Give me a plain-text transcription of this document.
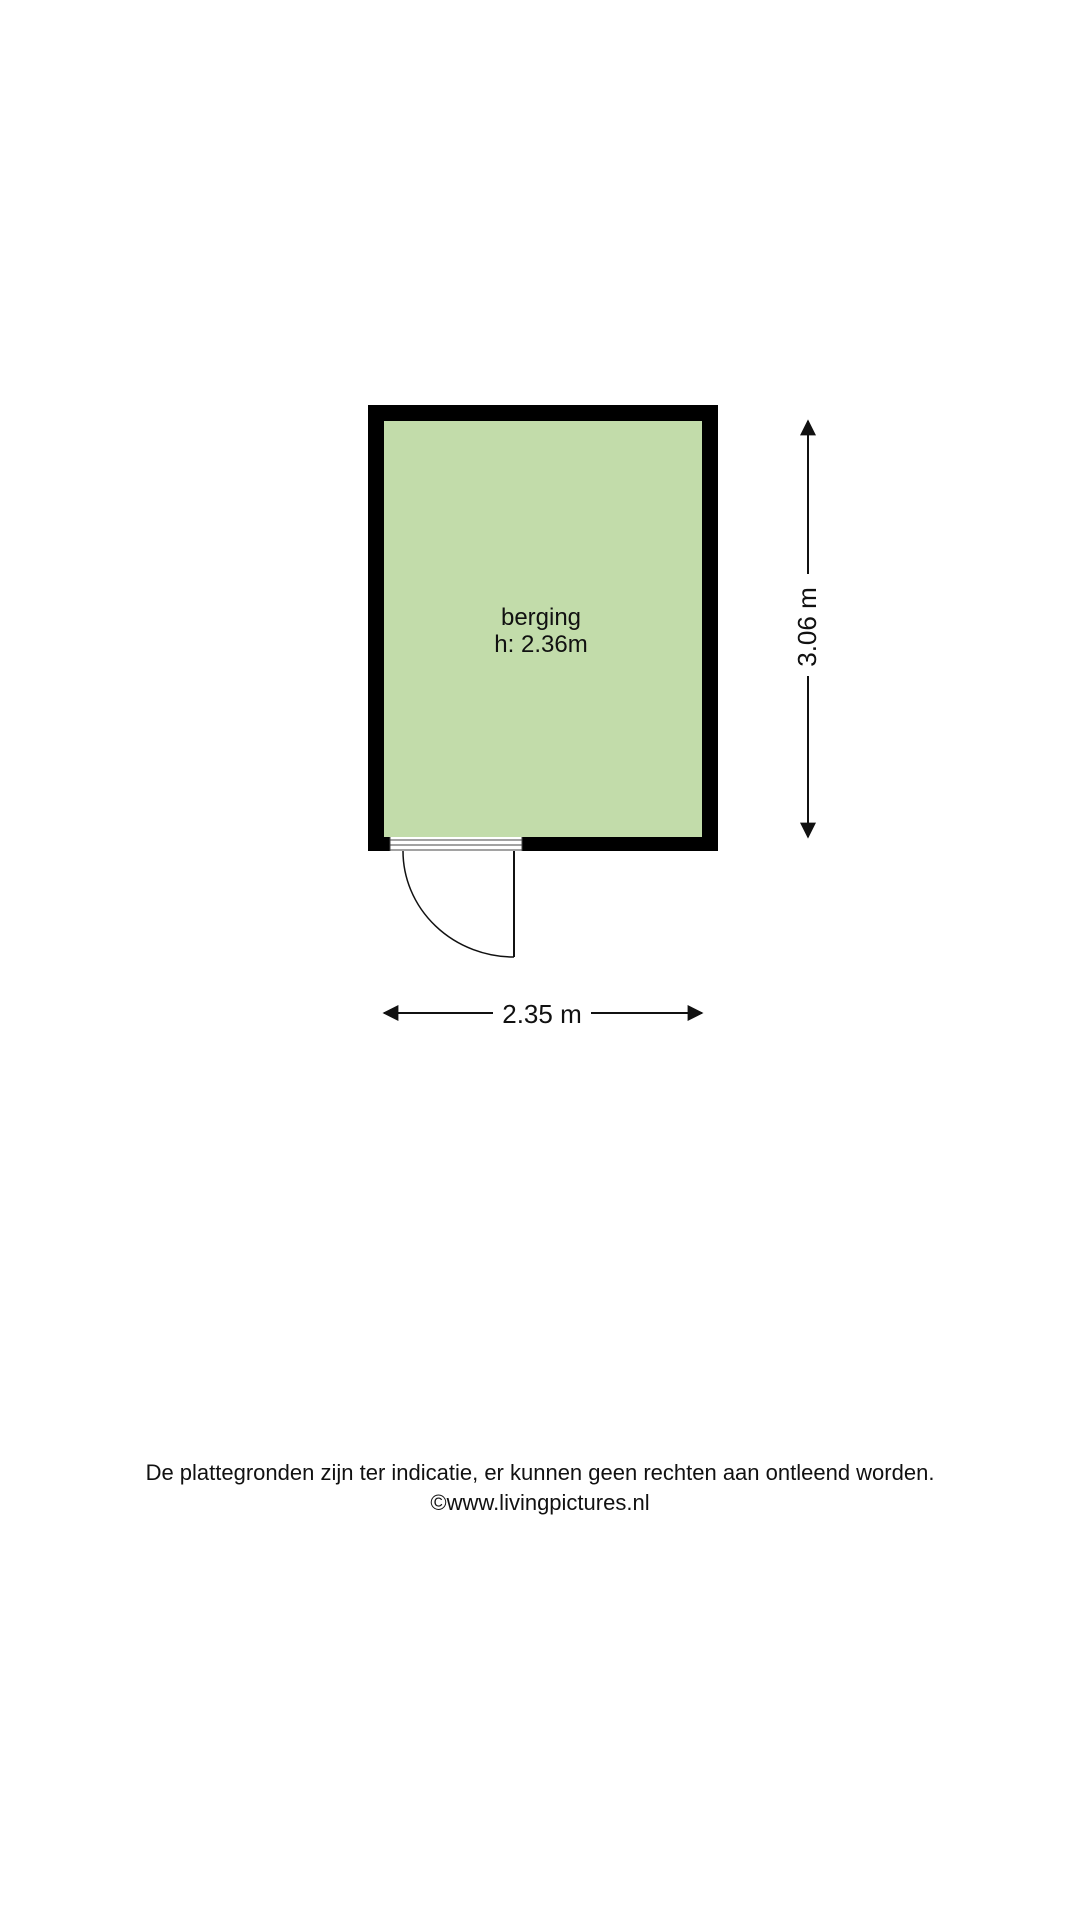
berging
h: 2.36m	3.06 m
2.35 m
De plattegronden zijn ter indicatie, er kunnen geen rechten aan ontleend worden.
©www.livingpictures.nl
